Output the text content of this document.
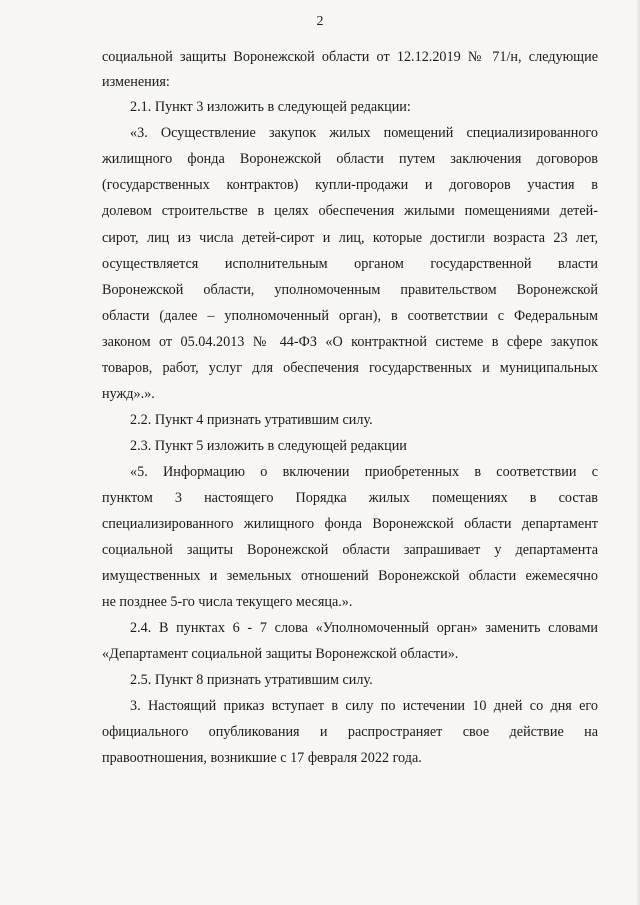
2
социальной защиты Воронежской области от 12.12.2019 № 71/н, следующие
изменения:
2.1. Пункт 3 изложить в следующей редакции:
«3. Осуществление закупок жилых помещений специализированного
жилищного фонда Воронежской области путем заключения договоров
(государственных контрактов) купли-продажи и договоров участия в
долевом строительстве в целях обеспечения жилыми помещениями детей-
сирот, лиц из числа детей-сирот и лиц, которые достигли возраста 23 лет,
осуществляется исполнительным органом государственной власти
Воронежской области, уполномоченным правительством Воронежской
области (далее – уполномоченный орган), в соответствии с Федеральным
законом от 05.04.2013 № 44-ФЗ «О контрактной системе в сфере закупок
товаров, работ, услуг для обеспечения государственных и муниципальных
нужд».».
2.2. Пункт 4 признать утратившим силу.
2.3. Пункт 5 изложить в следующей редакции
«5. Информацию о включении приобретенных в соответствии с
пунктом 3 настоящего Порядка жилых помещениях в состав
специализированного жилищного фонда Воронежской области департамент
социальной защиты Воронежской области запрашивает у департамента
имущественных и земельных отношений Воронежской области ежемесячно
не позднее 5-го числа текущего месяца.».
2.4. В пунктах 6 - 7 слова «Уполномоченный орган» заменить словами
«Департамент социальной защиты Воронежской области».
2.5. Пункт 8 признать утратившим силу.
3. Настоящий приказ вступает в силу по истечении 10 дней со дня его
официального опубликования и распространяет свое действие на
правоотношения, возникшие с 17 февраля 2022 года.
